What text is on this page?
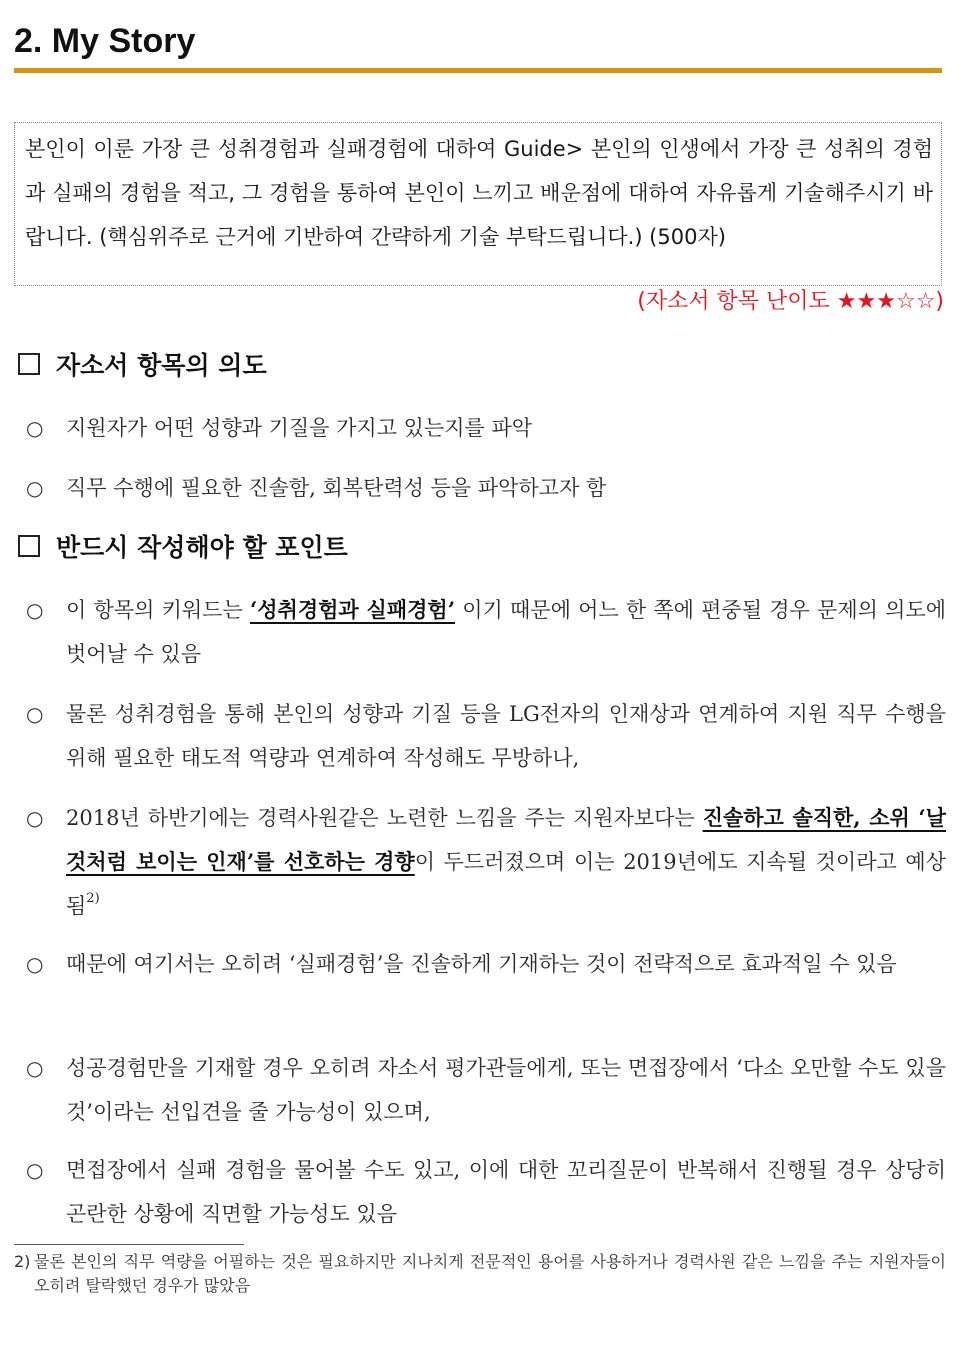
2. My Story
본인이 이룬 가장 큰 성취경험과 실패경험에 대하여 Guide> 본인의 인생에서 가장 큰 성취의 경험과 실패의 경험을 적고, 그 경험을 통하여 본인이 느끼고 배운점에 대하여 자유롭게 기술해주시기 바랍니다. (핵심위주로 근거에 기반하여 간략하게 기술 부탁드립니다.) (500자)
(자소서 항목 난이도 ★★★☆☆)
자소서 항목의 의도
○	지원자가 어떤 성향과 기질을 가지고 있는지를 파악
○	직무 수행에 필요한 진솔함, 회복탄력성 등을 파악하고자 함
반드시 작성해야 할 포인트
○	이 항목의 키워드는 ‘성취경험과 실패경험’ 이기 때문에 어느 한 쪽에 편중될 경우 문제의 의도에 벗어날 수 있음
○	물론 성취경험을 통해 본인의 성향과 기질 등을 LG전자의 인재상과 연계하여 지원 직무 수행을 위해 필요한 태도적 역량과 연계하여 작성해도 무방하나,
○	2018년 하반기에는 경력사원같은 노련한 느낌을 주는 지원자보다는 진솔하고 솔직한, 소위 ‘날것처럼 보이는 인재’를 선호하는 경향이 두드러졌으며 이는 2019년에도 지속될 것이라고 예상됨$^{2)}$
○	때문에 여기서는 오히려 ‘실패경험’을 진솔하게 기재하는 것이 전략적으로 효과적일 수 있음
○	성공경험만을 기재할 경우 오히려 자소서 평가관들에게, 또는 면접장에서 ‘다소 오만할 수도 있을 것’이라는 선입견을 줄 가능성이 있으며,
○	면접장에서 실패 경험을 물어볼 수도 있고, 이에 대한 꼬리질문이 반복해서 진행될 경우 상당히 곤란한 상황에 직면할 가능성도 있음
2) 물론 본인의 직무 역량을 어필하는 것은 필요하지만 지나치게 전문적인 용어를 사용하거나 경력사원 같은 느낌을 주는 지원자들이 오히려 탈락했던 경우가 많았음
